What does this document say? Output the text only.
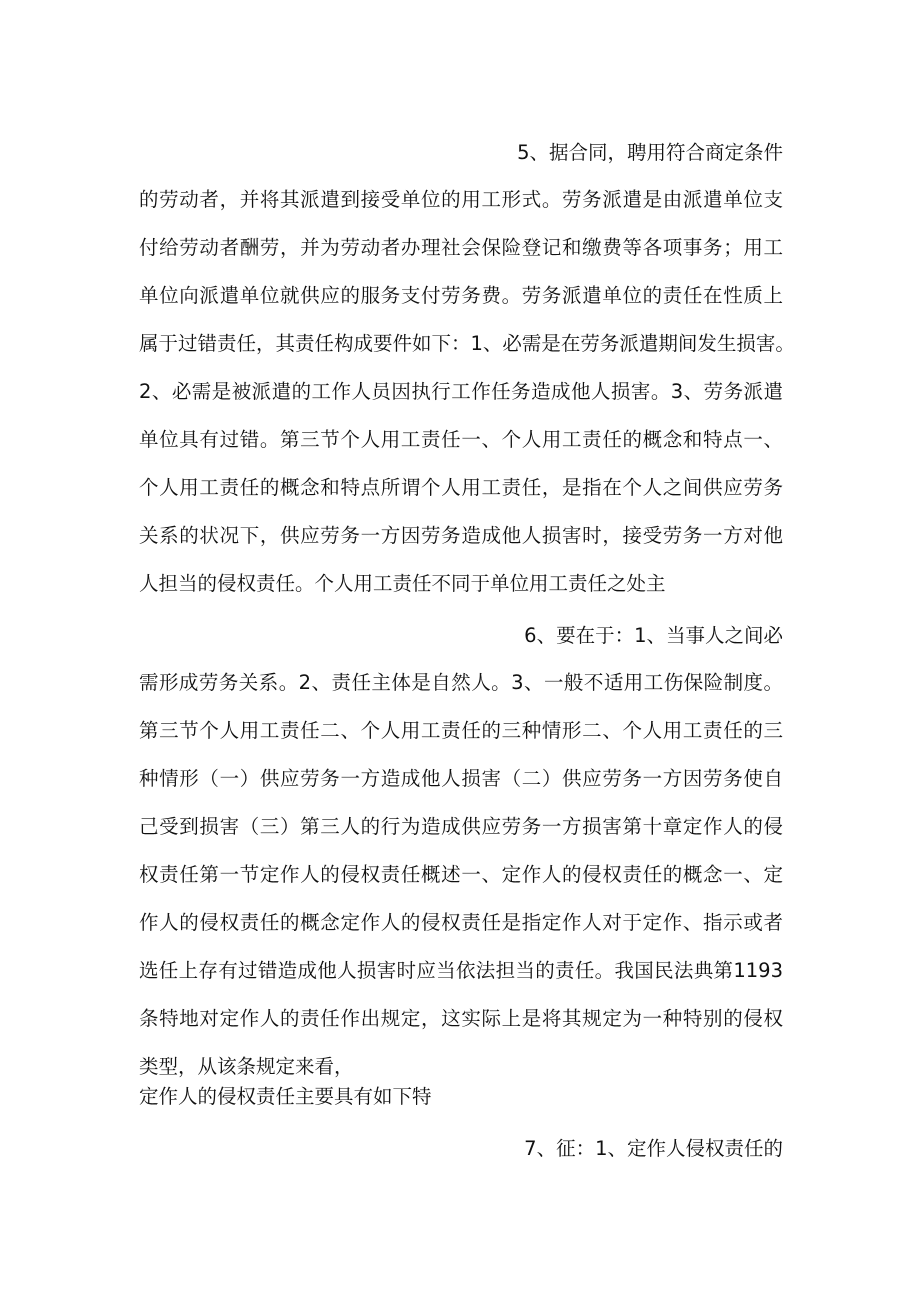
5、据合同，聘用符合商定条件
的劳动者，并将其派遣到接受单位的用工形式。劳务派遣是由派遣单位支
付给劳动者酬劳，并为劳动者办理社会保险登记和缴费等各项事务；用工
单位向派遣单位就供应的服务支付劳务费。劳务派遣单位的责任在性质上
属于过错责任，其责任构成要件如下：1、必需是在劳务派遣期间发生损害。
2、必需是被派遣的工作人员因执行工作任务造成他人损害。3、劳务派遣
单位具有过错。第三节个人用工责任一、个人用工责任的概念和特点一、
个人用工责任的概念和特点所谓个人用工责任，是指在个人之间供应劳务
关系的状况下，供应劳务一方因劳务造成他人损害时，接受劳务一方对他
人担当的侵权责任。个人用工责任不同于单位用工责任之处主
6、要在于：1、当事人之间必
需形成劳务关系。2、责任主体是自然人。3、一般不适用工伤保险制度。
第三节个人用工责任二、个人用工责任的三种情形二、个人用工责任的三
种情形（一）供应劳务一方造成他人损害（二）供应劳务一方因劳务使自
己受到损害（三）第三人的行为造成供应劳务一方损害第十章定作人的侵
权责任第一节定作人的侵权责任概述一、定作人的侵权责任的概念一、定
作人的侵权责任的概念定作人的侵权责任是指定作人对于定作、指示或者
选任上存有过错造成他人损害时应当依法担当的责任。我国民法典第1193
条特地对定作人的责任作出规定，这实际上是将其规定为一种特别的侵权
类型，从该条规定来看，
定作人的侵权责任主要具有如下特
7、征：1、定作人侵权责任的
